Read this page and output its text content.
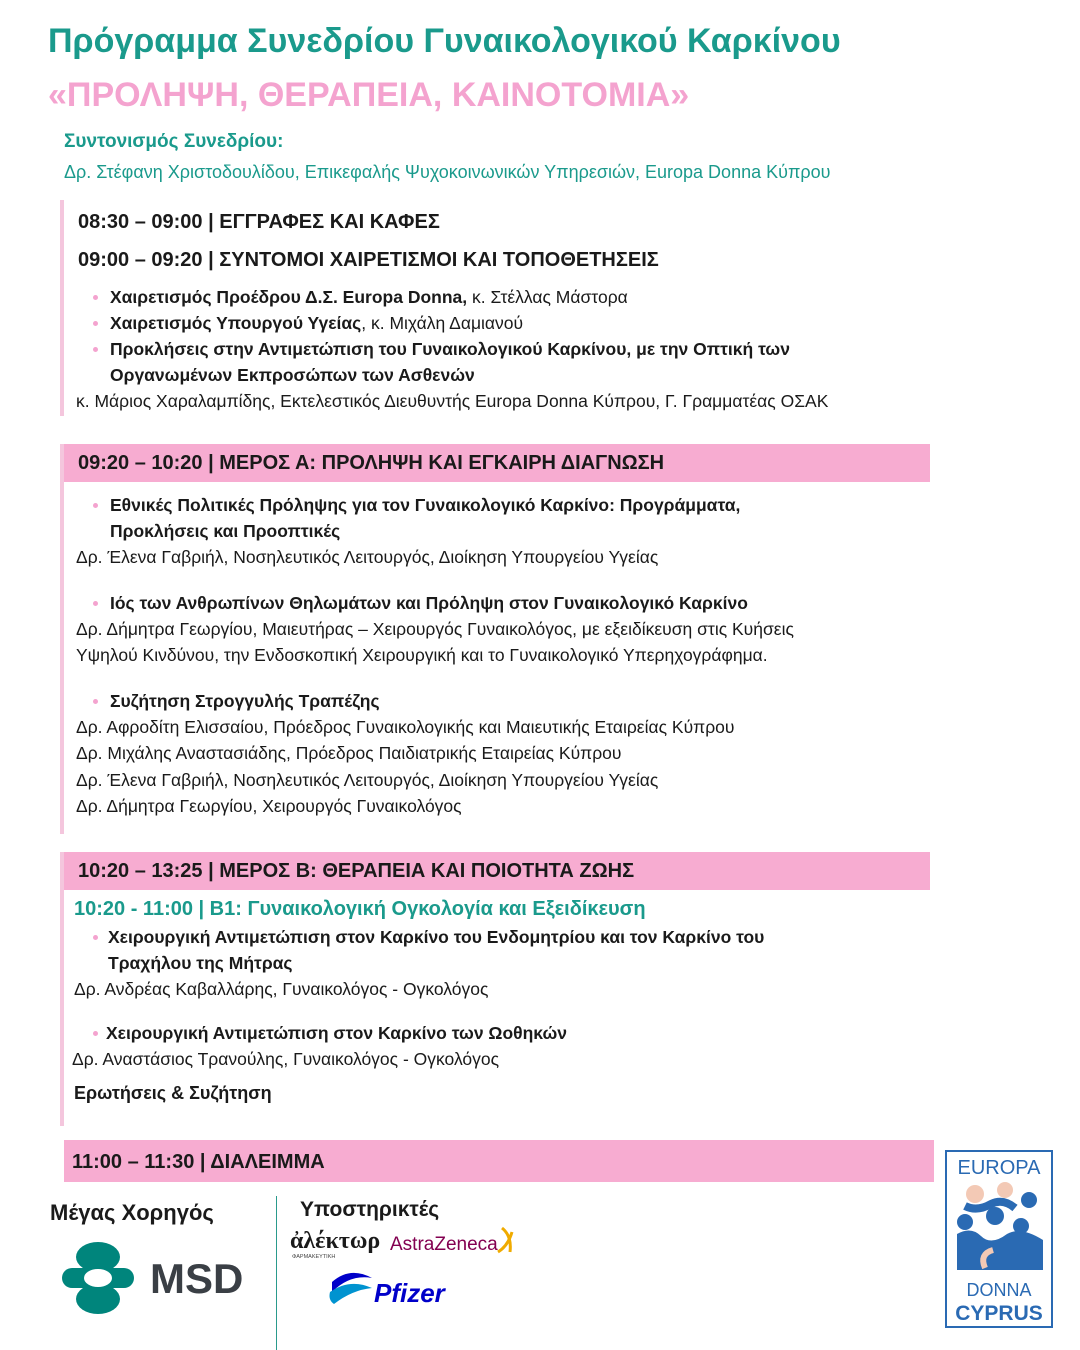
Πρόγραμμα Συνεδρίου Γυναικολογικού Καρκίνου
«ΠΡΟΛΗΨΗ, ΘΕΡΑΠΕΙΑ, ΚΑΙΝΟΤΟΜΙΑ»
Συντονισμός Συνεδρίου:
Δρ. Στέφανη Χριστοδουλίδου, Επικεφαλής Ψυχοκοινωνικών Υπηρεσιών, Europa Donna Κύπρου
08:30 – 09:00 | ΕΓΓΡΑΦΕΣ ΚΑΙ ΚΑΦΕΣ
09:00 – 09:20 | ΣΥΝΤΟΜΟΙ ΧΑΙΡΕΤΙΣΜΟΙ ΚΑΙ ΤΟΠΟΘΕΤΗΣΕΙΣ
Χαιρετισμός Προέδρου Δ.Σ. Europa Donna, κ. Στέλλας Μάστορα
Χαιρετισμός Υπουργού Υγείας, κ. Μιχάλη Δαμιανού
Προκλήσεις στην Αντιμετώπιση του Γυναικολογικού Καρκίνου, με την Οπτική των
Οργανωμένων Εκπροσώπων των Ασθενών
κ. Μάριος Χαραλαμπίδης, Εκτελεστικός Διευθυντής Europa Donna Κύπρου, Γ. Γραμματέας ΟΣΑΚ
09:20 – 10:20 | ΜΕΡΟΣ Α: ΠΡΟΛΗΨΗ ΚΑΙ ΕΓΚΑΙΡΗ ΔΙΑΓΝΩΣΗ
Εθνικές Πολιτικές Πρόληψης για τον Γυναικολογικό Καρκίνο: Προγράμματα,
Προκλήσεις και Προοπτικές
Δρ. Έλενα Γαβριήλ, Νοσηλευτικός Λειτουργός, Διοίκηση Υπουργείου Υγείας
Ιός των Ανθρωπίνων Θηλωμάτων και Πρόληψη στον Γυναικολογικό Καρκίνο
Δρ. Δήμητρα Γεωργίου, Μαιευτήρας – Χειρουργός Γυναικολόγος, με εξειδίκευση στις Κυήσεις
Υψηλού Κινδύνου, την Ενδοσκοπική Χειρουργική και το Γυναικολογικό Υπερηχογράφημα.
Συζήτηση Στρογγυλής Τραπέζης
Δρ. Αφροδίτη Ελισσαίου, Πρόεδρος Γυναικολογικής και Μαιευτικής Εταιρείας Κύπρου
Δρ. Μιχάλης Αναστασιάδης, Πρόεδρος Παιδιατρικής Εταιρείας Κύπρου
Δρ. Έλενα Γαβριήλ, Νοσηλευτικός Λειτουργός, Διοίκηση Υπουργείου Υγείας
Δρ. Δήμητρα Γεωργίου, Χειρουργός Γυναικολόγος
10:20 – 13:25 | ΜΕΡΟΣ Β: ΘΕΡΑΠΕΙΑ ΚΑΙ ΠΟΙΟΤΗΤΑ ΖΩΗΣ
10:20 - 11:00 | Β1: Γυναικολογική Ογκολογία και Εξειδίκευση
Χειρουργική Αντιμετώπιση στον Καρκίνο του Ενδομητρίου και τον Καρκίνο του
Τραχήλου της Μήτρας
Δρ. Ανδρέας Καβαλλάρης, Γυναικολόγος - Ογκολόγος
Χειρουργική Αντιμετώπιση στον Καρκίνο των Ωοθηκών
Δρ. Αναστάσιος Τρανούλης, Γυναικολόγος - Ογκολόγος
Ερωτήσεις & Συζήτηση
11:00 – 11:30 | ΔΙΑΛΕΙΜΜΑ
Μέγας Χορηγός	Υποστηρικτές
MSD
ἀλέκτωρ
ΦΑΡΜΑΚΕΥΤΙΚΗ
AstraZeneca
Pfizer
EUROPA
DONNA
CYPRUS
